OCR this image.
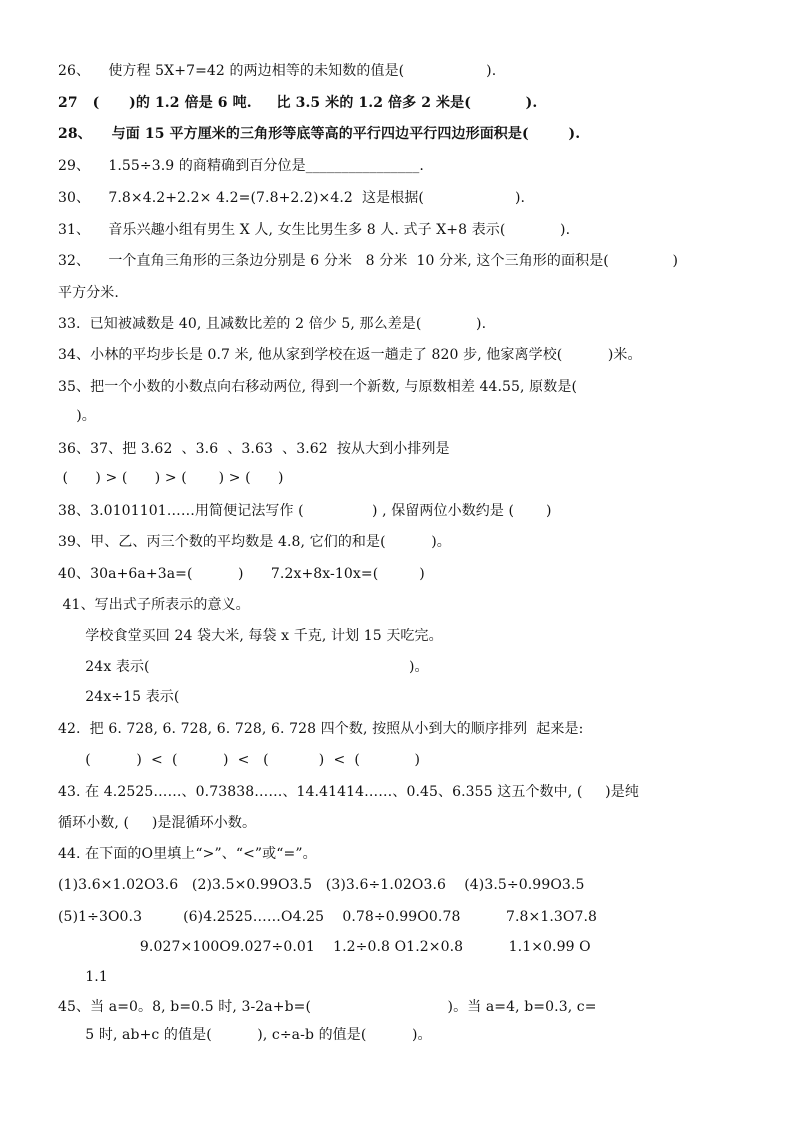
26、    使方程 5X+7=42 的两边相等的未知数的值是(                  ).
27   (      )的 1.2 倍是 6 吨.     比 3.5 米的 1.2 倍多 2 米是(           ).
28、    与面 15 平方厘米的三角形等底等高的平行四边平行四边形面积是(        ).
29、    1.55÷3.9 的商精确到百分位是________________.
30、    7.8×4.2+2.2× 4.2=(7.8+2.2)×4.2  这是根据(                    ).
31、    音乐兴趣小组有男生 X 人, 女生比男生多 8 人. 式子 X+8 表示(            ).
32、    一个直角三角形的三条边分别是 6 分米   8 分米  10 分米, 这个三角形的面积是(              )
平方分米.
33.  已知被减数是 40, 且减数比差的 2 倍少 5, 那么差是(            ).
34、小林的平均步长是 0.7 米, 他从家到学校在返一趟走了 820 步, 他家离学校(          )米。
35、把一个小数的小数点向右移动两位, 得到一个新数, 与原数相差 44.55, 原数是(
)。
36、37、把 3.62  、3.6  、3.63  、3.62  按从大到小排列是
(      ) > (      ) > (       ) > (      )
38、3.0101101……用简便记法写作 (               ) , 保留两位小数约是 (       )
39、甲、乙、丙三个数的平均数是 4.8, 它们的和是(          )。
40、30a+6a+3a=(          )      7.2x+8x-10x=(         )
41、写出式子所表示的意义。
学校食堂买回 24 袋大米, 每袋 x 千克, 计划 15 天吃完。
24x 表示(                                                         )。
24x÷15 表示(
42.  把 6. 728, 6. 728, 6. 728, 6. 728 四个数, 按照从小到大的顺序排列  起来是:
(          )  <  (          )  <   (           )  <  (            )
43. 在 4.2525……、0.73838……、14.41414……、0.45、6.355 这五个数中, (     )是纯
循环小数, (     )是混循环小数。
44. 在下面的O里填上“>”、“<”或“=”。
(1)3.6×1.02O3.6   (2)3.5×0.99O3.5   (3)3.6÷1.02O3.6    (4)3.5÷0.99O3.5
(5)1÷3O0.3         (6)4.2525……O4.25    0.78÷0.99O0.78          7.8×1.3O7.8
9.027×100O9.027÷0.01    1.2÷0.8 O1.2×0.8          1.1×0.99 O
1.1
45、当 a=0。8, b=0.5 时, 3-2a+b=(                              )。当 a=4, b=0.3, c=
5 时, ab+c 的值是(          ), c÷a-b 的值是(          )。
